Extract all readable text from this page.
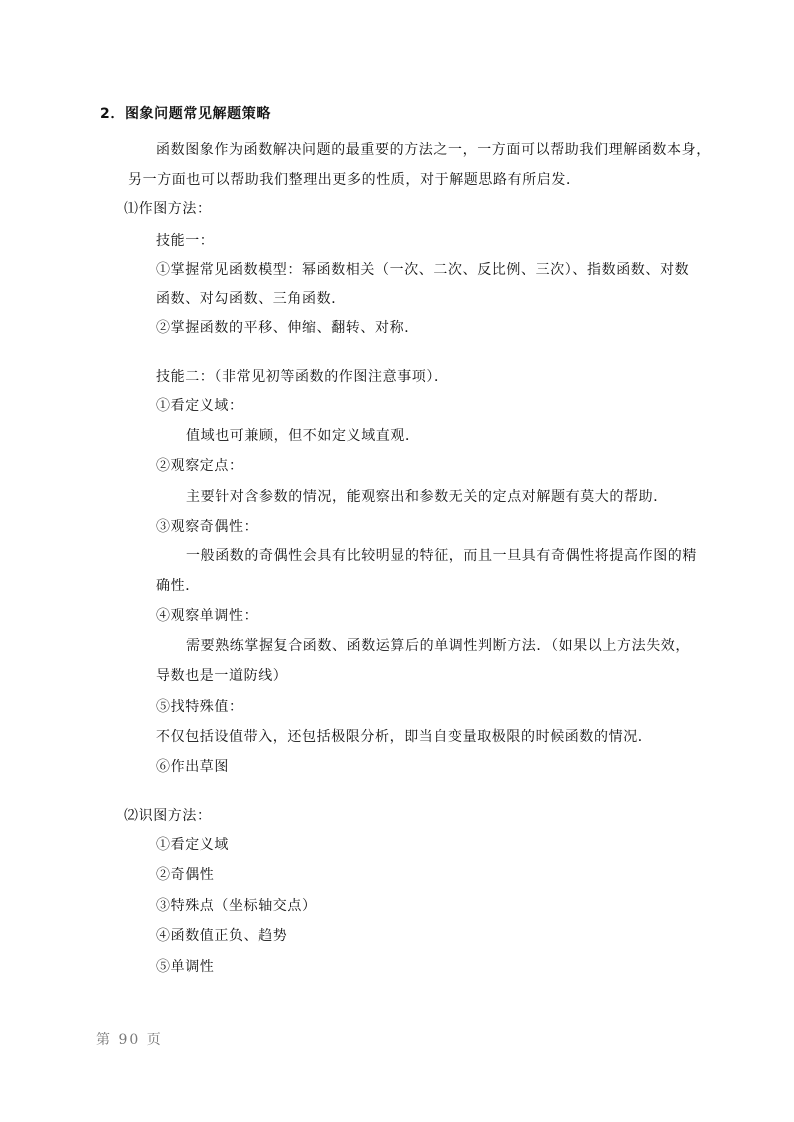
2．图象问题常见解题策略
函数图象作为函数解决问题的最重要的方法之一，一方面可以帮助我们理解函数本身，
另一方面也可以帮助我们整理出更多的性质，对于解题思路有所启发．
⑴作图方法：
技能一：
①掌握常见函数模型：幂函数相关（一次、二次、反比例、三次）、指数函数、对数
函数、对勾函数、三角函数．
②掌握函数的平移、伸缩、翻转、对称．
技能二：（非常见初等函数的作图注意事项）．
①看定义域：
值域也可兼顾，但不如定义域直观．
②观察定点：
主要针对含参数的情况，能观察出和参数无关的定点对解题有莫大的帮助．
③观察奇偶性：
一般函数的奇偶性会具有比较明显的特征，而且一旦具有奇偶性将提高作图的精
确性．
④观察单调性：
需要熟练掌握复合函数、函数运算后的单调性判断方法．（如果以上方法失效，
导数也是一道防线）
⑤找特殊值：
不仅包括设值带入，还包括极限分析，即当自变量取极限的时候函数的情况．
⑥作出草图
⑵识图方法：
①看定义域
②奇偶性
③特殊点（坐标轴交点）
④函数值正负、趋势
⑤单调性
第 90 页
